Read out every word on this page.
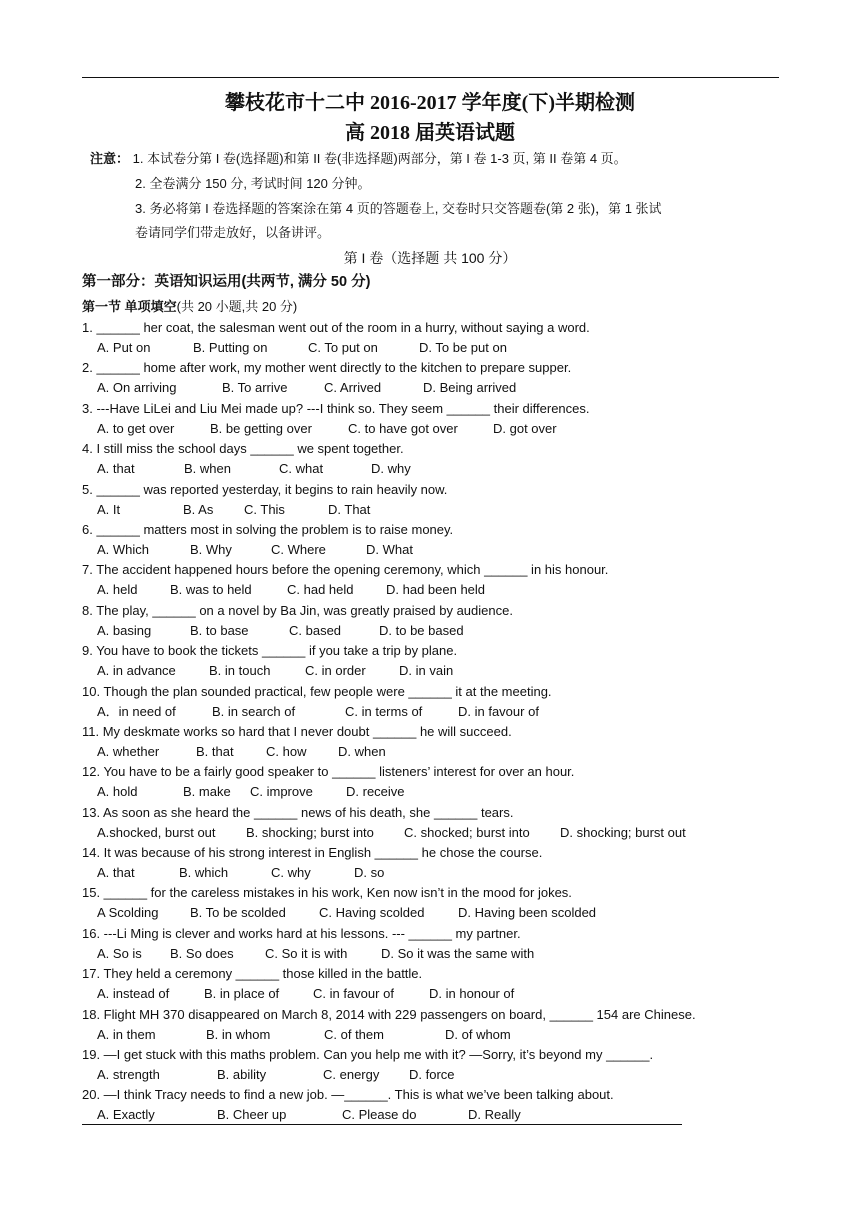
攀枝花市十二中 2016-2017 学年度(下)半期检测
高 2018 届英语试题
注意： 1. 本试卷分第 I 卷(选择题)和第 II 卷(非选择题)两部分，第 I 卷 1-3 页, 第 II 卷第 4 页。
2. 全卷满分 150 分, 考试时间 120 分钟。
3. 务必将第 I 卷选择题的答案涂在第 4 页的答题卷上, 交卷时只交答题卷(第 2 张)，第 1 张试
卷请同学们带走放好，以备讲评。
第 I 卷（选择题 共 100 分）
第一部分：英语知识运用(共两节, 满分 50 分)
第一节 单项填空(共 20 小题,共 20 分)
1. ______ her coat, the salesman went out of the room in a hurry, without saying a word.
A. Put on	B. Putting on	C. To put on	D. To be put on
2. ______ home after work, my mother went directly to the kitchen to prepare supper.
A. On arriving	B. To arrive	C. Arrived	D. Being arrived
3. ---Have LiLei and Liu Mei made up? ---I think so. They seem ______ their differences.
A. to get over	B. be getting over	C. to have got over	D. got over
4. I still miss the school days ______ we spent together.
A. that	B. when	C. what	D. why
5. ______ was reported yesterday, it begins to rain heavily now.
A. It	B. As C. This	D. That
6. ______ matters most in solving the problem is to raise money.
A. Which	B. Why	C. Where	D. What
7. The accident happened hours before the opening ceremony, which ______ in his honour.
A. held	B. was to held	C. had held	D. had been held
8. The play, ______ on a novel by Ba Jin, was greatly praised by audience.
A. basing	B. to base	C. based	D. to be based
9. You have to book the tickets ______ if you take a trip by plane.
A. in advance	B. in touch	C. in order	D. in vain
10. Though the plan sounded practical, few people were ______ it at the meeting.
A．in need of	B. in search of	C. in terms of	D. in favour of
11. My deskmate works so hard that I never doubt ______ he will succeed.
A. whether	B. that C. how D. when
12. You have to be a fairly good speaker to ______ listeners’ interest for over an hour.
A. hold	B. make C. improve	D. receive
13. As soon as she heard the ______ news of his death, she ______ tears.
A.shocked, burst out B. shocking; burst into C. shocked; burst into D. shocking; burst out
14. It was because of his strong interest in English ______ he chose the course.
A. that	B. which	C. why	D. so
15. ______ for the careless mistakes in his work, Ken now isn’t in the mood for jokes.
A Scolding B. To be scolded	C. Having scolded	D. Having been scolded
16. ---Li Ming is clever and works hard at his lessons. --- ______ my partner.
A. So is B. So does C. So it is with	D. So it was the same with
17. They held a ceremony ______ those killed in the battle.
A. instead of	B. in place of	C. in favour of	D. in honour of
18. Flight MH 370 disappeared on March 8, 2014 with 229 passengers on board, ______ 154 are Chinese.
A. in them	B. in whom	C. of them	D. of whom
19. —I get stuck with this maths problem. Can you help me with it? —Sorry, it’s beyond my ______.
A. strength	B. ability	C. energy D. force
20. —I think Tracy needs to find a new job. —______. This is what we’ve been talking about.
A. Exactly	B. Cheer up	C. Please do	D. Really
